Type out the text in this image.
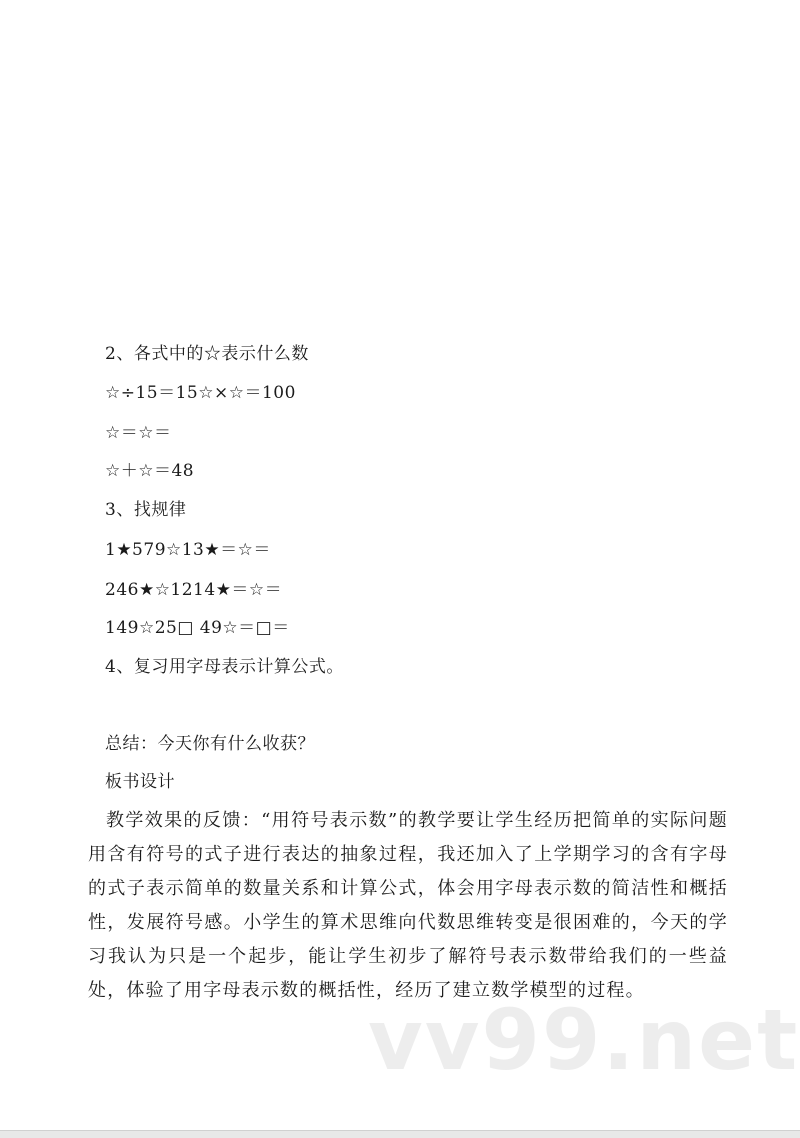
2、各式中的☆表示什么数
☆÷15＝15☆×☆＝100
☆＝☆＝
☆＋☆＝48
3、找规律
1★579☆13★＝☆＝
246★☆1214★＝☆＝
149☆25□ 49☆＝□＝
4、复习用字母表示计算公式。
总结：今天你有什么收获？
板书设计
教学效果的反馈：“用符号表示数”的教学要让学生经历把简单的实际问题用含有符号的式子进行表达的抽象过程，我还加入了上学期学习的含有字母的式子表示简单的数量关系和计算公式，体会用字母表示数的简洁性和概括性，发展符号感。小学生的算术思维向代数思维转变是很困难的，今天的学习我认为只是一个起步，能让学生初步了解符号表示数带给我们的一些益处，体验了用字母表示数的概括性，经历了建立数学模型的过程。
vv99.net
